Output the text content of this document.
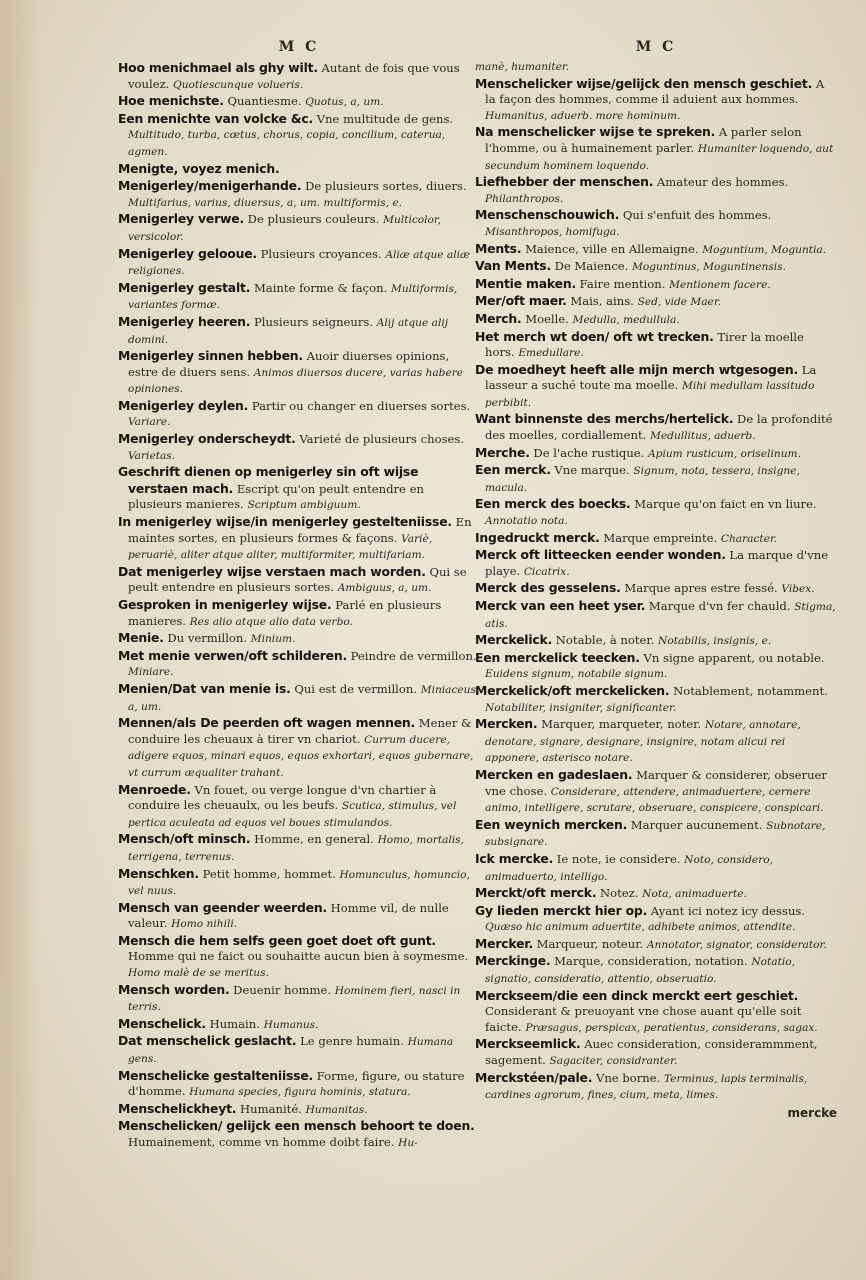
M C

Hoo menichmael als ghy wilt. Autant de fois que vous voulez. Quotiescunque volueris.

Hoe menichste. Quantiesme. Quotus, a, um.

Een menichte van volcke &c. Vne multitude de gens. Multitudo, turba, cœtus, chorus, copia, concilium, caterua, agmen.

Menigte, voyez menich.

Menigerley/menigerhande. De plusieurs sortes, diuers. Multifarius, varius, diuersus, a, um. multiformis, e.

Menigerley verwe. De plusieurs couleurs. Multicolor, versicolor.

Menigerley gelooue. Plusieurs croyances. Aliæ atque aliæ religiones.

Menigerley gestalt. Mainte forme & façon. Multiformis, variantes formæ.

Menigerley heeren. Plusieurs seigneurs. Alij atque alij domini.

Menigerley sinnen hebben. Auoir diuerses opinions, estre de diuers sens. Animos diuersos ducere, varias habere opiniones.

Menigerley deylen. Partir ou changer en diuerses sortes. Variare.

Menigerley onderscheydt. Varieté de plusieurs choses. Varietas.

Geschrift dienen op menigerley sin oft wijse verstaen mach. Escript qu'on peult entendre en plusieurs manieres. Scriptum ambiguum.

In menigerley wijse/in menigerley gestelteniisse. En maintes sortes, en plusieurs formes & façons. Variè, peruariè, aliter atque aliter, multiformiter, multifariam.

Dat menigerley wijse verstaen mach worden. Qui se peult entendre en plusieurs sortes. Ambiguus, a, um.

Gesproken in menigerley wijse. Parlé en plusieurs manieres. Res alio atque alio data verbo.

Menie. Du vermillon. Minium.

Met menie verwen/oft schilderen. Peindre de vermillon. Miniare.

Menien/Dat van menie is. Qui est de vermillon. Miniaceus, a, um.

Mennen/als De peerden oft wagen mennen. Mener & conduire les cheuaux à tirer vn chariot. Currum ducere, adigere equos, minari equos, equos exhortari, equos gubernare, vt currum æqualiter trahant.

Menroede. Vn fouet, ou verge longue d'vn chartier à conduire les cheuaulx, ou les beufs. Scutica, stimulus, vel pertica aculeata ad equos vel boues stimulandos.

Mensch/oft minsch. Homme, en general. Homo, mortalis, terrigena, terrenus.

Menschken. Petit homme, hommet. Homunculus, homuncio, vel nuus.

Mensch van geender weerden. Homme vil, de nulle valeur. Homo nihili.

Mensch die hem selfs geen goet doet oft gunt. Homme qui ne faict ou souhaitte aucun bien à soymesme. Homo malè de se meritus.

Mensch worden. Deuenir homme. Hominem fieri, nasci in terris.

Menschelick. Humain. Humanus.

Dat menschelick geslacht. Le genre humain. Humana gens.

Menschelicke gestalteniisse. Forme, figure, ou stature d'homme. Humana species, figura hominis, statura.

Menschelickheyt. Humanité. Humanitas.

Menschelicken/ gelijck een mensch behoort te doen. Humainement, comme vn homme doibt faire. Hu-

M C
manè, humaniter.

Menschelicker wijse/gelijck den mensch geschiet. A la façon des hommes, comme il aduient aux hommes. Humanitus, aduerb. more hominum.

Na menschelicker wijse te spreken. A parler selon l'homme, ou à humainement parler. Humaniter loquendo, aut secundum hominem loquendo.

Liefhebber der menschen. Amateur des hommes. Philanthropos.

Menschenschouwich. Qui s'enfuit des hommes. Misanthropos, homifuga.

Ments. Maience, ville en Allemaigne. Moguntium, Moguntia.

Van Ments. De Maience. Moguntinus, Moguntinensis.

Mentie maken. Faire mention. Mentionem facere.

Mer/oft maer. Mais, ains. Sed, vide Maer.

Merch. Moelle. Medulla, medullula.

Het merch wt doen/ oft wt trecken. Tirer la moelle hors. Emedullare.

De moedheyt heeft alle mijn merch wtgesogen. La lasseur a suché toute ma moelle. Mihi medullam lassitudo perbibit.

Want binnenste des merchs/hertelick. De la profondité des moelles, cordiallement. Medullitus, aduerb.

Merche. De l'ache rustique. Apium rusticum, oriselinum.

Een merck. Vne marque. Signum, nota, tessera, insigne, macula.

Een merck des boecks. Marque qu'on faict en vn liure. Annotatio nota.

Ingedruckt merck. Marque empreinte. Character.

Merck oft litteecken eender wonden. La marque d'vne playe. Cicatrix.

Merck des gesselens. Marque apres estre fessé. Vibex.

Merck van een heet yser. Marque d'vn fer chauld. Stigma, atis.

Merckelick. Notable, à noter. Notabilis, insignis, e.

Een merckelick teecken. Vn signe apparent, ou notable. Euidens signum, notabile signum.

Merckelick/oft merckelicken. Notablement, notamment. Notabiliter, insigniter, significanter.

Mercken. Marquer, marqueter, noter. Notare, annotare, denotare, signare, designare, insignire, notam alicui rei apponere, asterisco notare.

Mercken en gadeslaen. Marquer & considerer, obseruer vne chose. Considerare, attendere, animaduertere, cernere animo, intelligere, scrutare, obseruare, conspicere, conspicari.

Een weynich mercken. Marquer aucunement. Subnotare, subsignare.

Ick mercke. Ie note, ie considere. Noto, considero, animaduerto, intelligo.

Merckt/oft merck. Notez. Nota, animaduerte.

Gy lieden merckt hier op. Ayant ici notez icy dessus. Quæso hic animum aduertite, adhibete animos, attendite.

Mercker. Marqueur, noteur. Annotator, signator, considerator.

Merckinge. Marque, consideration, notation. Notatio, signatio, consideratio, attentio, obseruatio.

Merckseem/die een dinck merckt eert geschiet. Considerant & preuoyant vne chose auant qu'elle soit faicte. Præsagus, perspicax, peratientus, considerans, sagax.

Merckseemlick. Auec consideration, considerammment, sagement. Sagaciter, considranter.

Merckstéen/pale. Vne borne. Terminus, lapis terminalis, cardines agrorum, fines, cium, meta, limes.

mercke
